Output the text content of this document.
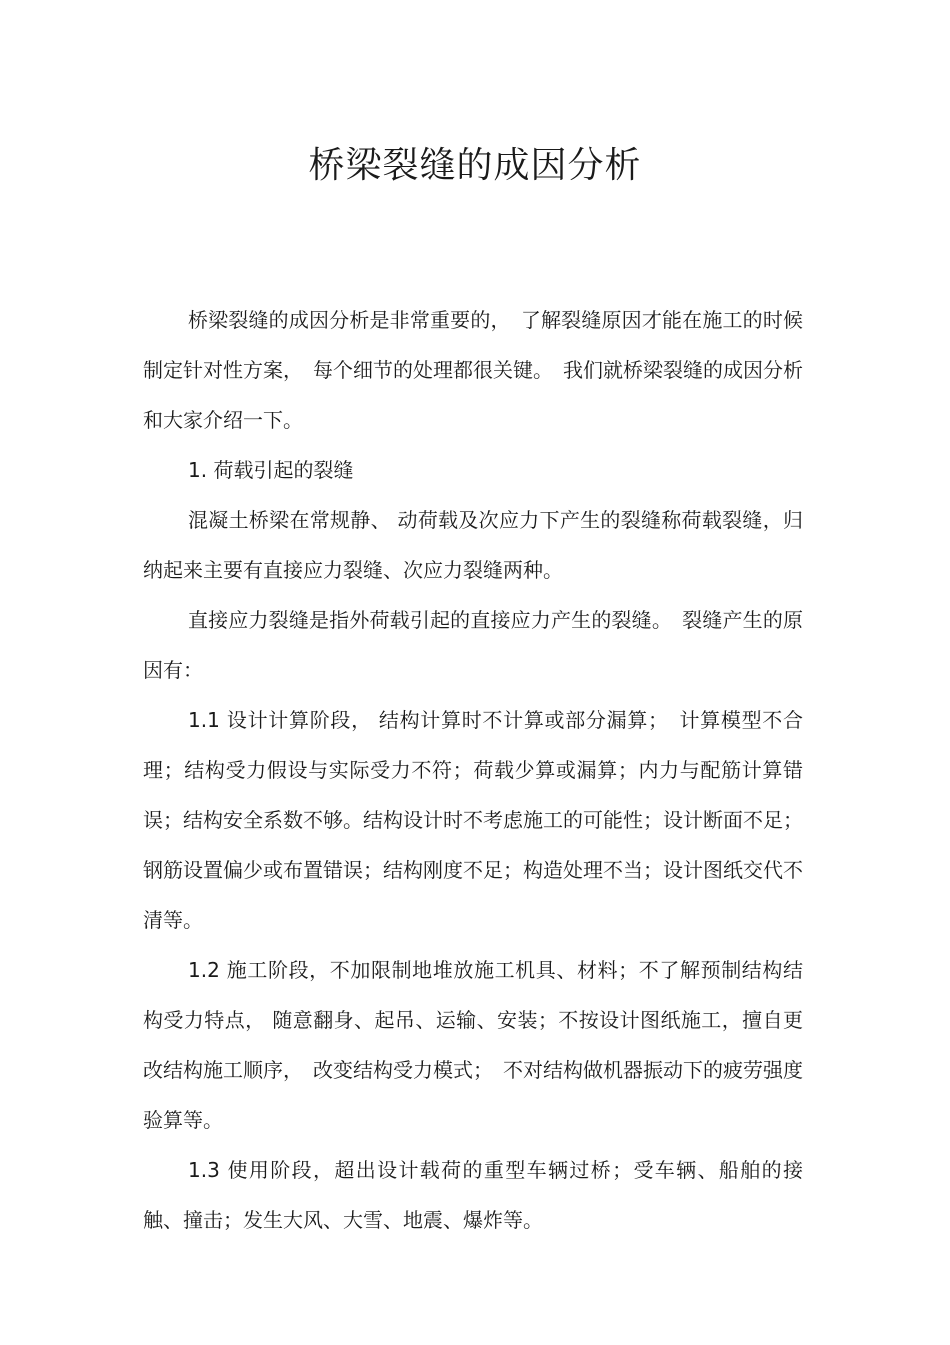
桥梁裂缝的成因分析

桥梁裂缝的成因分析是非常重要的，　了解裂缝原因才能在施工的时候制定针对性方案，　每个细节的处理都很关键。　我们就桥梁裂缝的成因分析和大家介绍一下。

1. 荷载引起的裂缝

混凝土桥梁在常规静、 动荷载及次应力下产生的裂缝称荷载裂缝，归纳起来主要有直接应力裂缝、次应力裂缝两种。

直接应力裂缝是指外荷载引起的直接应力产生的裂缝。　裂缝产生的原因有：

1.1 设计计算阶段， 结构计算时不计算或部分漏算；　计算模型不合理；结构受力假设与实际受力不符；荷载少算或漏算；内力与配筋计算错误；结构安全系数不够。结构设计时不考虑施工的可能性；设计断面不足；钢筋设置偏少或布置错误；结构刚度不足；构造处理不当；设计图纸交代不清等。

1.2 施工阶段，不加限制地堆放施工机具、材料；不了解预制结构结构受力特点， 随意翻身、起吊、运输、安装；不按设计图纸施工，擅自更改结构施工顺序，　改变结构受力模式；　不对结构做机器振动下的疲劳强度验算等。

1.3 使用阶段，超出设计载荷的重型车辆过桥；受车辆、船舶的接触、撞击；发生大风、大雪、地震、爆炸等。
